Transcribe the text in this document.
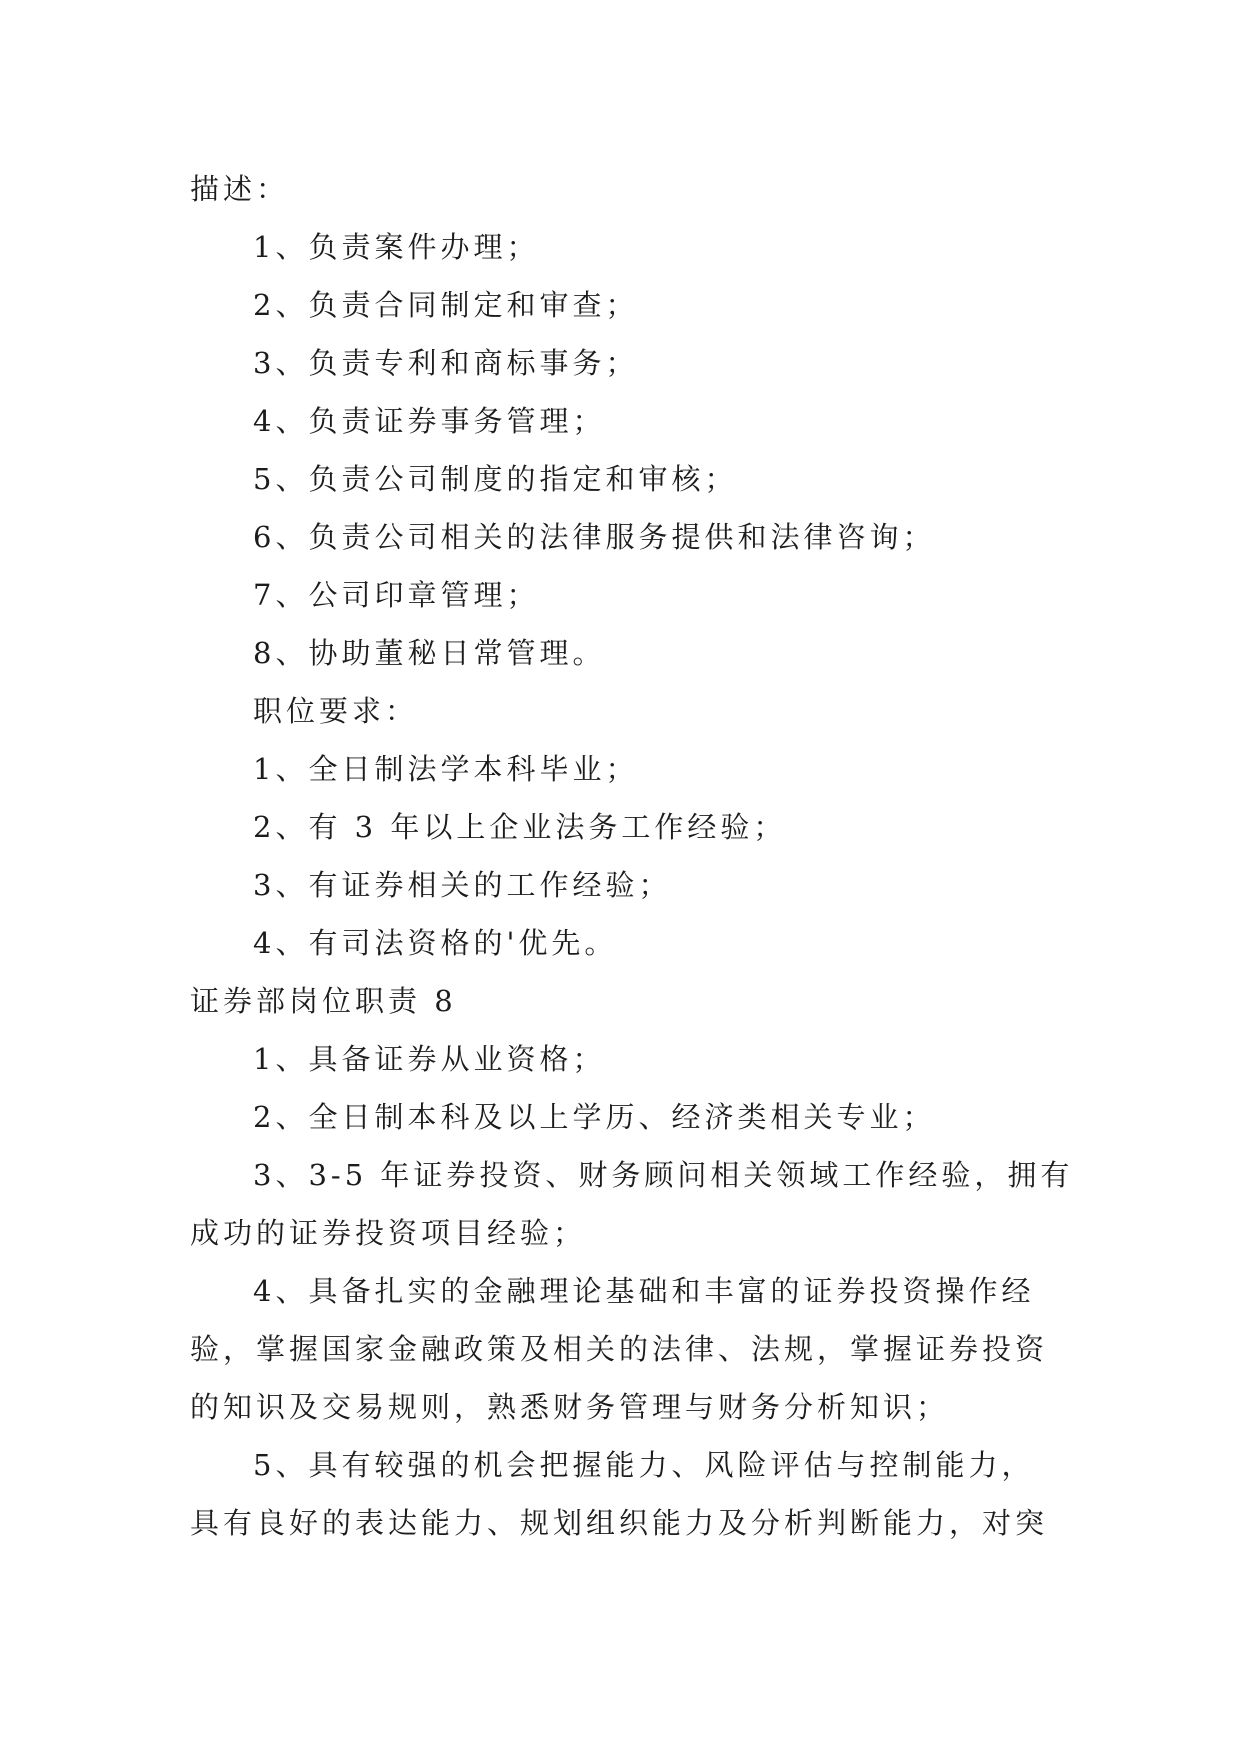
描述：
1、负责案件办理；
2、负责合同制定和审查；
3、负责专利和商标事务；
4、负责证券事务管理；
5、负责公司制度的指定和审核；
6、负责公司相关的法律服务提供和法律咨询；
7、公司印章管理；
8、协助董秘日常管理。
职位要求：
1、全日制法学本科毕业；
2、有 3 年以上企业法务工作经验；
3、有证券相关的工作经验；
4、有司法资格的'优先。
证券部岗位职责 8
1、具备证券从业资格；
2、全日制本科及以上学历、经济类相关专业；
3、3-5 年证券投资、财务顾问相关领域工作经验，拥有
成功的证券投资项目经验；
4、具备扎实的金融理论基础和丰富的证券投资操作经
验，掌握国家金融政策及相关的法律、法规，掌握证券投资
的知识及交易规则，熟悉财务管理与财务分析知识；
5、具有较强的机会把握能力、风险评估与控制能力，
具有良好的表达能力、规划组织能力及分析判断能力，对突
